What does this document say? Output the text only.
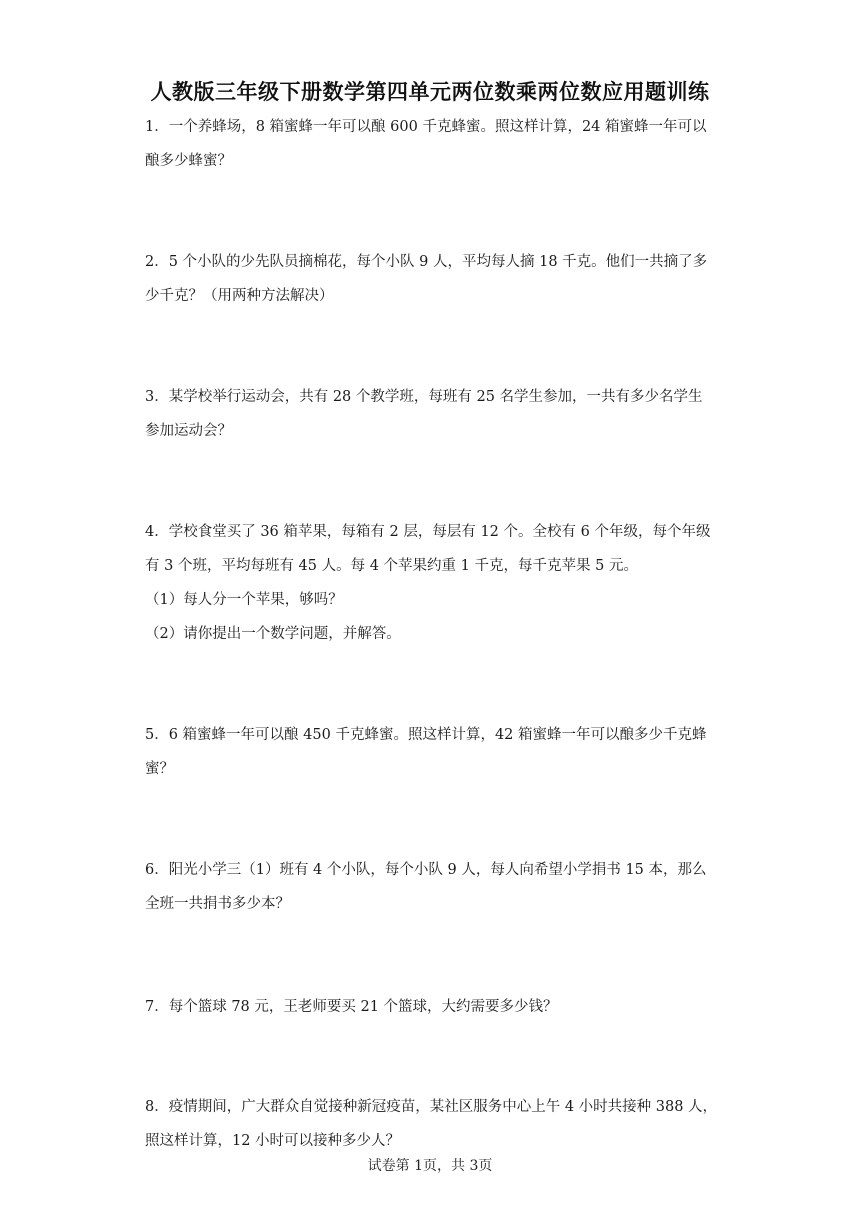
人教版三年级下册数学第四单元两位数乘两位数应用题训练
1．一个养蜂场，8 箱蜜蜂一年可以酿 600 千克蜂蜜。照这样计算，24 箱蜜蜂一年可以
酿多少蜂蜜？
2．5 个小队的少先队员摘棉花，每个小队 9 人，平均每人摘 18 千克。他们一共摘了多
少千克？（用两种方法解决）
3．某学校举行运动会，共有 28 个教学班，每班有 25 名学生参加，一共有多少名学生
参加运动会？
4．学校食堂买了 36 箱苹果，每箱有 2 层，每层有 12 个。全校有 6 个年级，每个年级
有 3 个班，平均每班有 45 人。每 4 个苹果约重 1 千克，每千克苹果 5 元。
（1）每人分一个苹果，够吗？
（2）请你提出一个数学问题，并解答。
5．6 箱蜜蜂一年可以酿 450 千克蜂蜜。照这样计算，42 箱蜜蜂一年可以酿多少千克蜂
蜜？
6．阳光小学三（1）班有 4 个小队，每个小队 9 人，每人向希望小学捐书 15 本，那么
全班一共捐书多少本？
7．每个篮球 78 元，王老师要买 21 个篮球，大约需要多少钱？
8．疫情期间，广大群众自觉接种新冠疫苗，某社区服务中心上午 4 小时共接种 388 人，
照这样计算，12 小时可以接种多少人？
试卷第 1页，共 3页
